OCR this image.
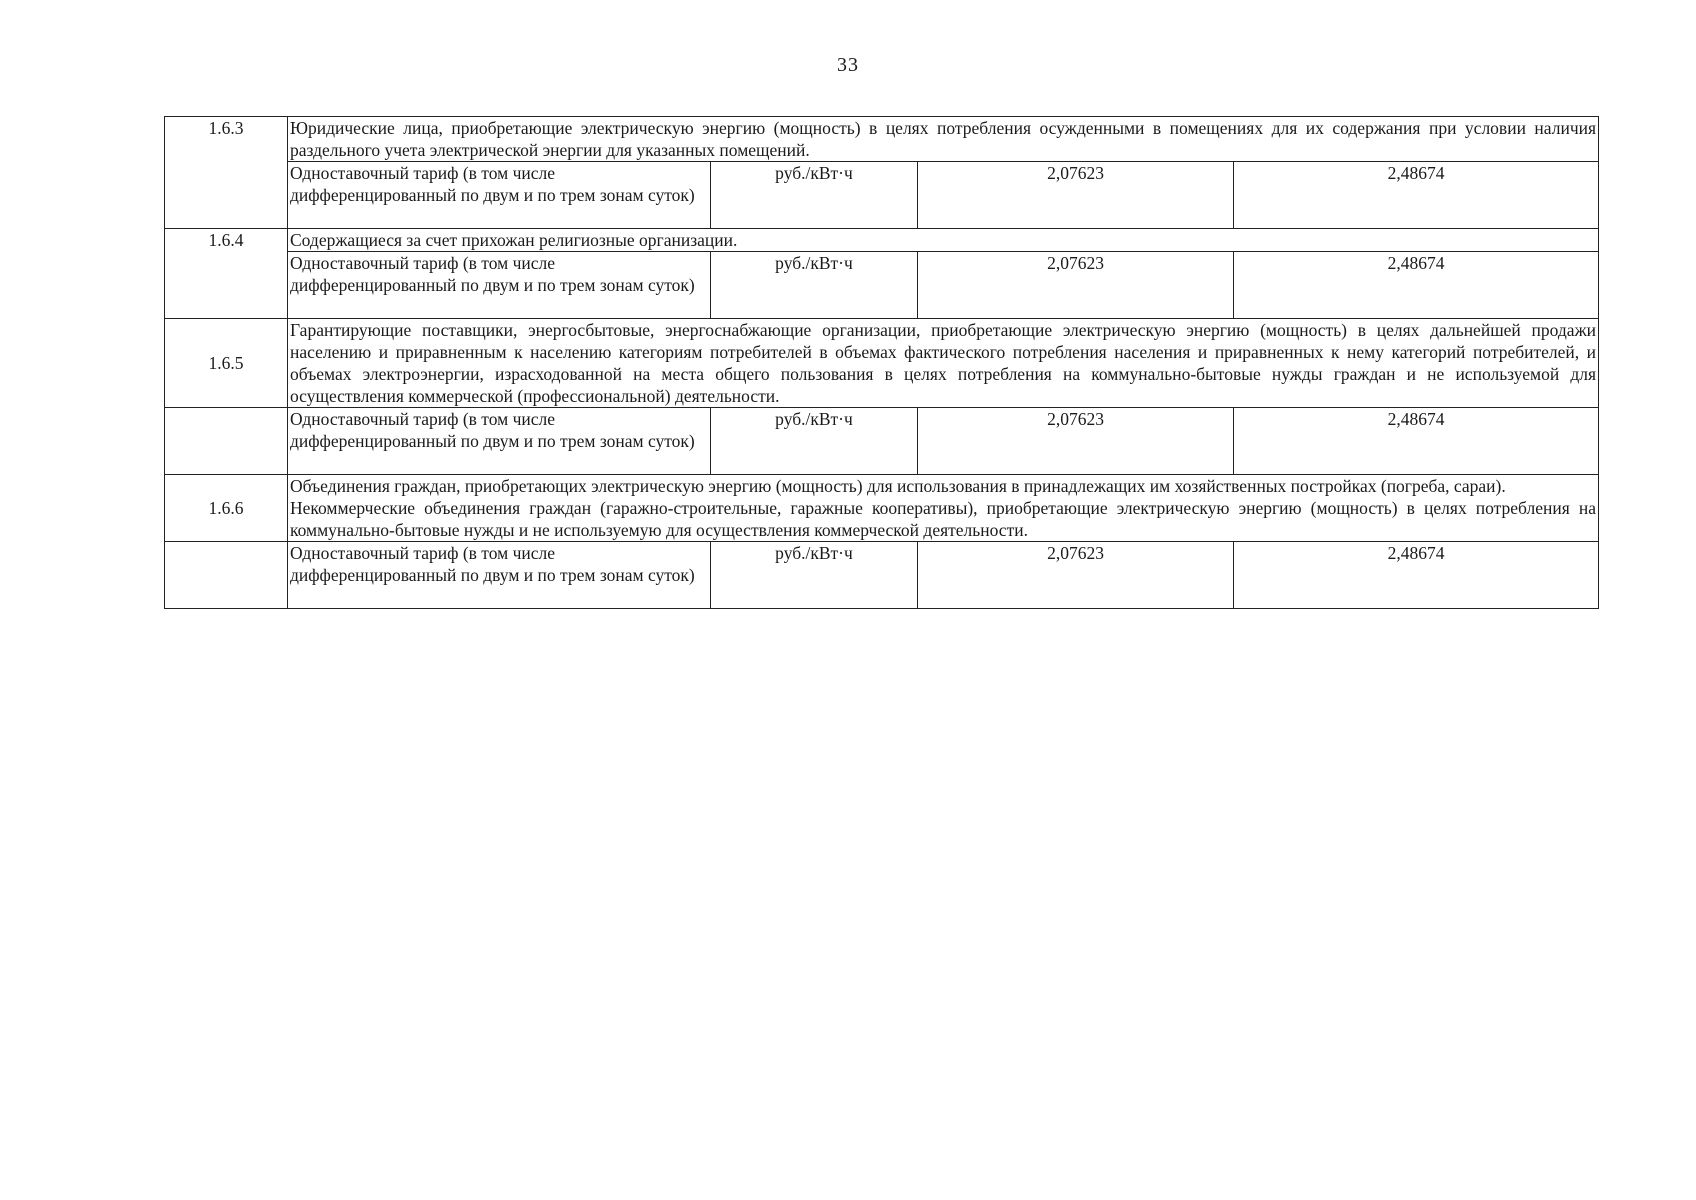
33
1.6.3	Юридические лица, приобретающие электрическую энергию (мощность) в целях потребления осужденными в помещениях для их содержания при условии наличия раздельного учета электрической энергии для указанных помещений.			
	Одноставочный тариф (в том числе дифференцированный по двум и по трем зонам суток)	руб./кВт·ч	2,07623	2,48674
1.6.4	Содержащиеся за счет прихожан религиозные организации.			
	Одноставочный тариф (в том числе дифференцированный по двум и по трем зонам суток)	руб./кВт·ч	2,07623	2,48674
1.6.5	Гарантирующие поставщики, энергосбытовые, энергоснабжающие организации, приобретающие электрическую энергию (мощность) в целях дальнейшей продажи населению и приравненным к населению категориям потребителей в объемах фактического потребления населения и приравненных к нему категорий потребителей, и объемах электроэнергии, израсходованной на места общего пользования в целях потребления на коммунально-бытовые нужды граждан и не используемой для осуществления коммерческой (профессиональной) деятельности.			
	Одноставочный тариф (в том числе дифференцированный по двум и по трем зонам суток)	руб./кВт·ч	2,07623	2,48674
1.6.6	Объединения граждан, приобретающих электрическую энергию (мощность) для использования в принадлежащих им хозяйственных постройках (погреба, сараи).
Некоммерческие объединения граждан (гаражно-строительные, гаражные кооперативы), приобретающие электрическую энергию (мощность) в целях потребления на коммунально-бытовые нужды и не используемую для осуществления коммерческой деятельности.			

	Одноставочный тариф (в том числе дифференцированный по двум и по трем зонам суток)	руб./кВт·ч	2,07623	2,48674
